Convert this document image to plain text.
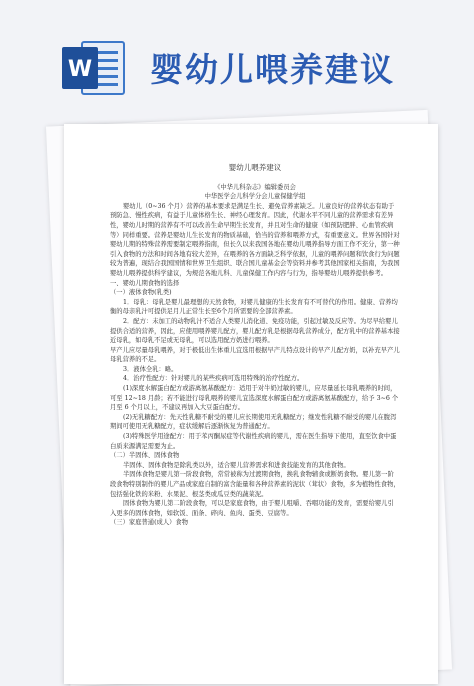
W 婴幼儿喂养建议

婴幼儿喂养建议

《中华儿科杂志》编辑委员会

中华医学会儿科学分会儿童保健学组

婴幼儿（0~36 个月）营养的基本要求是满足生长、避免营养素缺乏。儿童良好的营养状态有助于预防急、慢性疾病，有益于儿童体格生长、神经心理发育。因此，代谢水平不同儿童的营养需求有差异性，婴幼儿时期的营养有不可以改善生命早期生长发育，并且对生命的健康（如预防肥胖、心血管疾病等）同样重要。营养是婴幼儿生长发育的物质基础，恰当的营养和喂养方式，有重要意义。世界各国针对婴幼儿期的特殊营养需要制定喂养指南，但长久以来我国各地在婴幼儿喂养指导方面工作不充分，第一种引入食物的方法和时间各地有较大差异，在喂养的各方面缺乏科学依据，儿童的喂养问题和饮食行为问题较为普遍，现结合我国国情和世界卫生组织、联合国儿童基金会等资料并参考其他国家相关指南，为我国婴幼儿喂养提供科学建议，为规范各地儿科、儿童保健工作内容与行为，指导婴幼儿喂养提供参考。

一、婴幼儿期食物的选择

（一）液体食物(乳类)

1．母乳：母乳是婴儿最理想的天然食物，对婴儿健康的生长发育有不可替代的作用。健康、营养均衡的母亲乳汁可提供足月儿正常生长至6个月所需要的全部营养素。

2．配方：未加工的动物乳汁不适合人类婴儿消化道、免疫功能，引起过敏及反应等。为尽早给婴儿提供合适的营养，因此，应使用喂养婴儿配方，婴儿配方乳是根据母乳营养成分，配方乳中的营养基本接近母乳，如母乳不足或无母乳，可以选用配方奶进行喂养。

早产儿应尽量母乳喂养，对于极低出生体重儿宜选用根据早产儿特点设计的早产儿配方奶，以补充早产儿母乳营养的不足。

3．液体全乳：略。

4．治疗性配方：针对婴儿的某些疾病可选用特殊的治疗性配方。

(1)深度水解蛋白配方或游离氨基酸配方：适用于对牛奶过敏的婴儿，应尽量延长母乳喂养的时间，可至 12~18 月龄；若不能进行母乳喂养的婴儿宜选深度水解蛋白配方或游离氨基酸配方，给予 3~6 个月至 6 个月以上，不建议再加入大豆蛋白配方。

(2)无乳糖配方：先天性乳糖不耐受的婴儿应长期使用无乳糖配方；继发性乳糖不耐受的婴儿在腹泻期间可使用无乳糖配方，症状缓解后逐渐恢复为普通配方。

(3)特殊医学用途配方：用于苯丙酮尿症等代谢性疾病的婴儿，需在医生指导下使用，直至饮食中蛋白质来源满足需要为止。

（二）半固体、固体食物

半固体、固体食物是除乳类以外，适合婴儿营养需求和进食技能发育的其他食物。

半固体食物是婴儿第一阶段食物，常常被称为过渡期食物，换乳食物辅食或断奶食物。婴儿第一阶段食物特别制作的婴儿产品或家庭自制的富含能量和各种营养素的泥状（茸状）食物，多为植物性食物，包括强化铁的米粉、水果泥、根茎类或瓜豆类的蔬菜泥。

固体食物为婴儿第二阶段食物，可以是家庭食物，由于婴儿咀嚼、吞咽功能的发育，需要给婴儿引入更多的固体食物，如软饭、面条、碎肉、鱼肉、蛋类、豆腐等。

（三）家庭普通(成人）食物
